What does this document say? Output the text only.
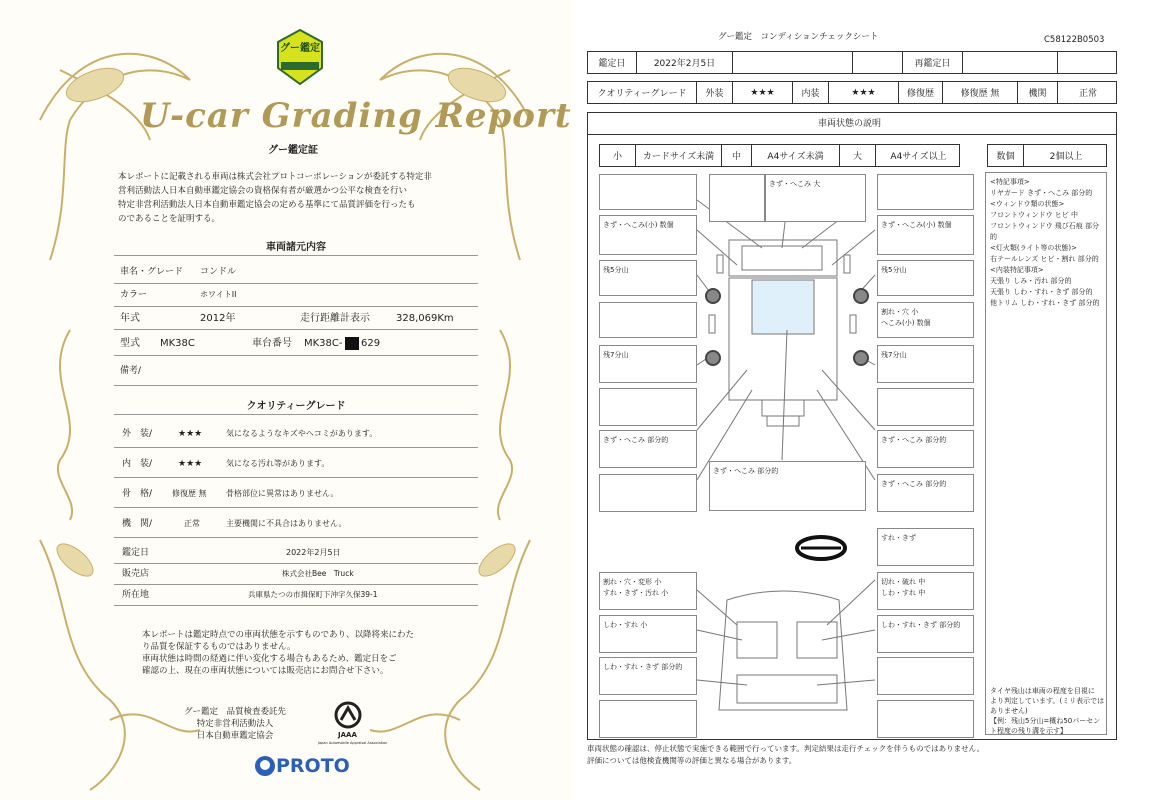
グー鑑定
U-car Grading Report
グー鑑定証
本レポートに記載される車両は株式会社プロトコーポレーションが委託する特定非
営利活動法人日本自動車鑑定協会の資格保有者が厳選かつ公平な検査を行い
特定非営利活動法人日本自動車鑑定協会の定める基準にて品質評価を行ったも
のであることを証明する。
車両諸元内容
車名・グレード コンドル
カラー	ホワイトII
年式	2012年	走行距離計表示	328,069Km
型式 MK38C	車台番号 MK38C- 629
備考/
クオリティーグレード
外　装/	★★★	気になるようなキズやヘコミがあります。
内　装/	★★★	気になる汚れ等があります。
骨　格/ 修復歴 無 骨格部位に異常はありません。
機　関/	正常	主要機関に不具合はありません。
鑑定日	2022年2月5日
販売店	株式会社Bee　Truck
所在地	兵庫県たつの市揖保町下沖字久保39-1
本レポートは鑑定時点での車両状態を示すものであり、以降将来にわた
り品質を保証するものではありません。
車両状態は時間の経過に伴い変化する場合もあるため、鑑定日をご
確認の上、現在の車両状態については販売店にお問合せ下さい。
グー鑑定　品質検査委託先
特定非営利活動法人
日本自動車鑑定協会	JAAA
Japan Automobile Appraisal Association
PROTO
グー鑑定　コンディションチェックシート	C58122B0503
鑑定日	2022年2月5日	再鑑定日
クオリティーグレード	外装	★★★	内装	★★★	修復歴	修復歴 無	機関	正常
車両状態の説明
小	カードサイズ未満	中	A4サイズ未満	大	A4サイズ以上	数個	2個以上
<特記事項>
リヤガード きず・へこみ 部分的
<ウィンドウ類の状態>
フロントウィンドウ ヒビ 中
フロントウィンドウ 飛び石痕 部分的
<灯火類(ライト等の状態)>
右テールレンズ ヒビ・割れ 部分的
<内装特記事項>
天張り しみ・汚れ 部分的
天張り しわ・すれ・きず 部分的
他トリム しわ・すれ・きず 部分的
タイヤ残山は車両の程度を目視に
より判定しています。(ミリ表示では
ありません)
【例：残山5分山=概ね50パーセン
ト程度の残り溝を示す】
きず・へこみ(小) 数個
残5分山
残7分山
きず・へこみ 部分的
きず・へこみ 大
きず・へこみ 部分的
きず・へこみ(小) 数個
残5分山
割れ・穴 小
へこみ(小) 数個
残7分山
きず・へこみ 部分的
きず・へこみ 部分的
すれ・きず
割れ・穴・変形 小
すれ・きず・汚れ 小
切れ・破れ 中
しわ・すれ 中
しわ・すれ 小	しわ・すれ・きず 部分的
しわ・すれ・きず 部分的
車両状態の確認は、停止状態で実施できる範囲で行っています。判定結果は走行チェックを伴うものではありません。
評価については他検査機関等の評価と異なる場合があります。
